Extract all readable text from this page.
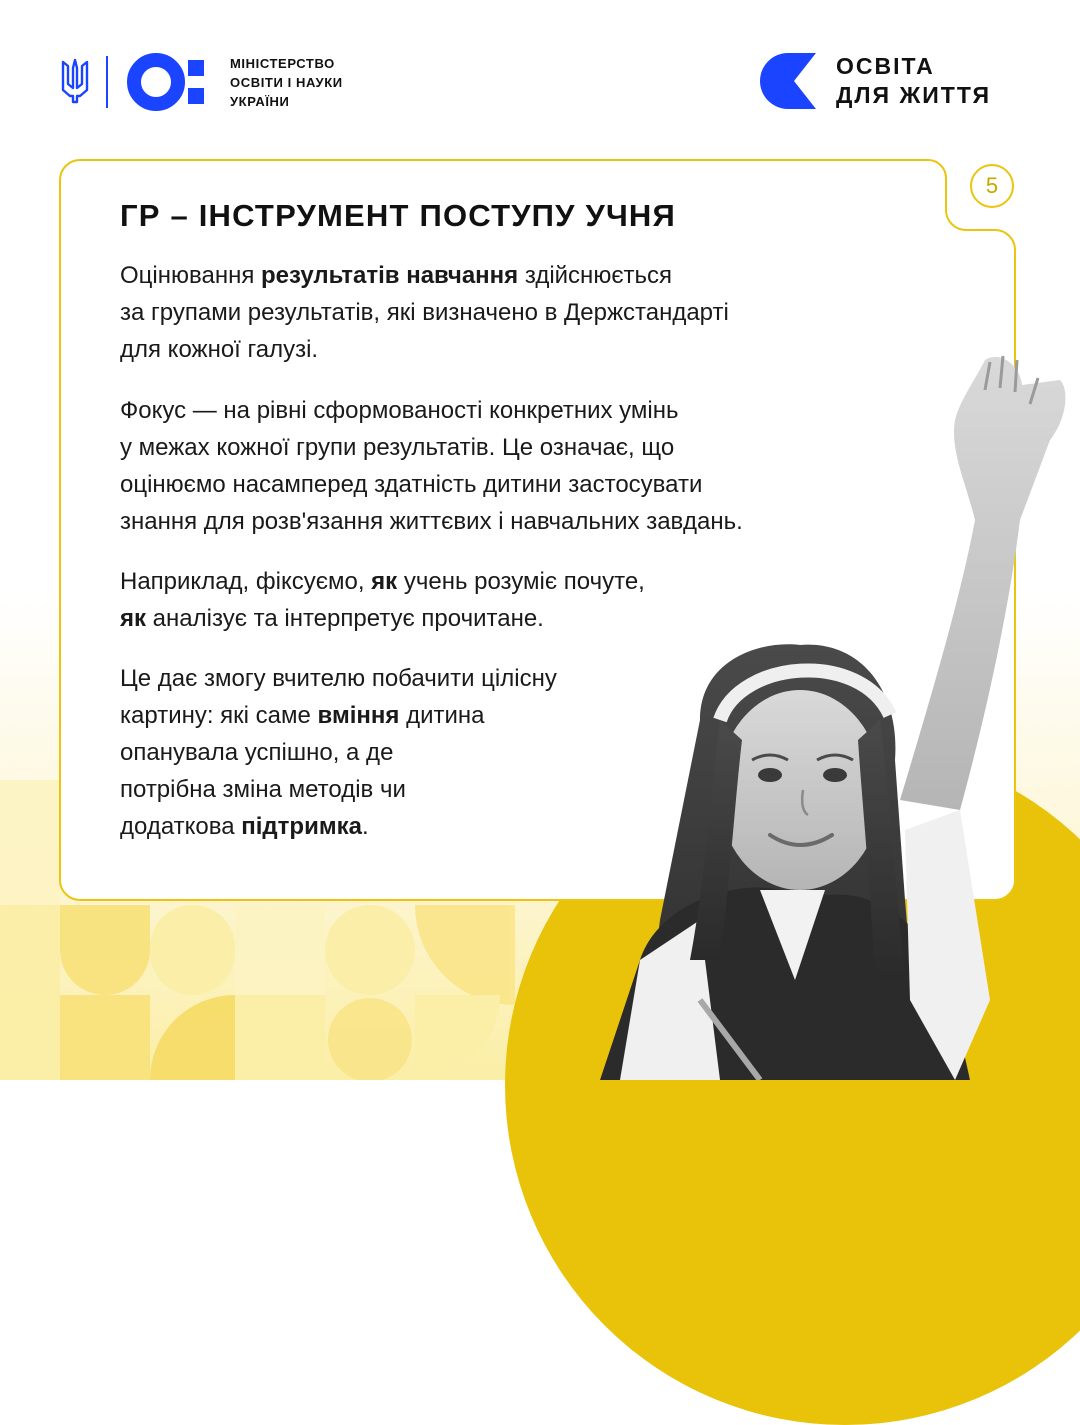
5
МІНІСТЕРСТВО
ОСВІТИ І НАУКИ
УКРАЇНИ
ОСВІТА
ДЛЯ ЖИТТЯ
ГР – ІНСТРУМЕНТ ПОСТУПУ УЧНЯ
Оцінювання результатів навчання здійснюється
за групами результатів, які визначено в Держстандарті
для кожної галузі.
Фокус — на рівні сформованості конкретних умінь
у межах кожної групи результатів. Це означає, що
оцінюємо насамперед здатність дитини застосувати
знання для розв'язання життєвих і навчальних завдань.
Наприклад, фіксуємо, як учень розуміє почуте,
як аналізує та інтерпретує прочитане.
Це дає змогу вчителю побачити цілісну
картину: які саме вміння дитина
опанувала успішно, а де
потрібна зміна методів чи
додаткова підтримка.
